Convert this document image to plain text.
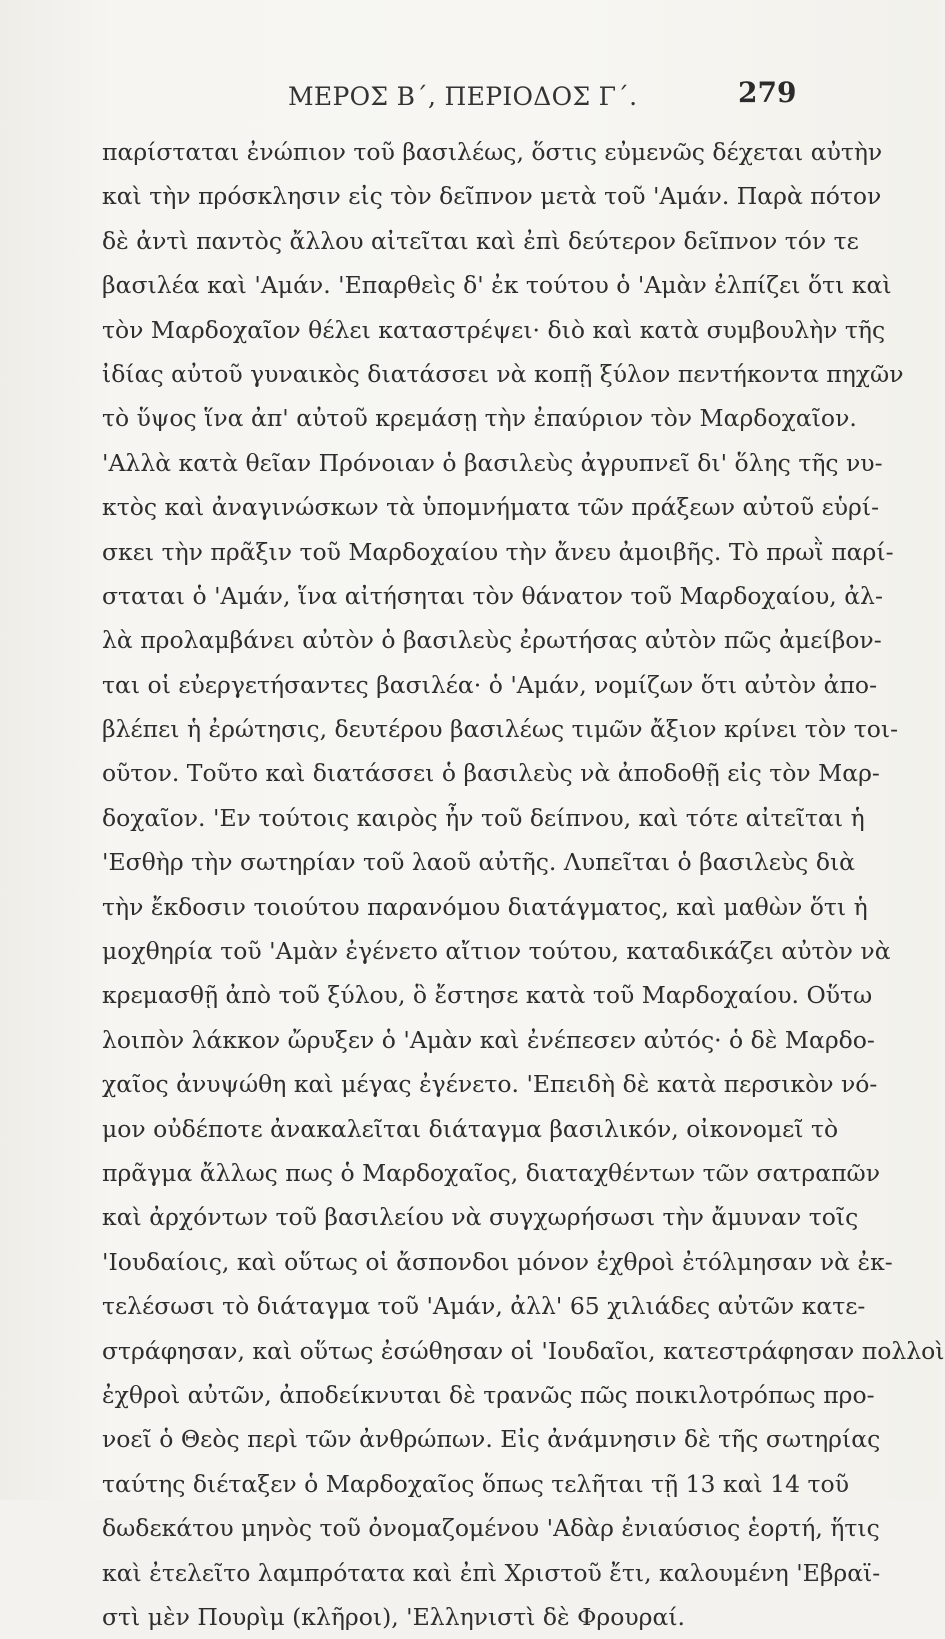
ΜΕΡΟΣ Β΄, ΠΕΡΙΟΔΟΣ Γ΄.	279
παρίσταται ἐνώπιον τοῦ βασιλέως, ὅστις εὐμενῶς δέχεται αὐτὴν
καὶ τὴν πρόσκλησιν εἰς τὸν δεῖπνον μετὰ τοῦ 'Αμάν. Παρὰ πότον
δὲ ἀντὶ παντὸς ἄλλου αἰτεῖται καὶ ἐπὶ δεύτερον δεῖπνον τόν τε
βασιλέα καὶ 'Αμάν. 'Επαρθεὶς δ' ἐκ τούτου ὁ 'Αμὰν ἐλπίζει ὅτι καὶ
τὸν Μαρδοχαῖον θέλει καταστρέψει· διὸ καὶ κατὰ συμβουλὴν τῆς
ἰδίας αὐτοῦ γυναικὸς διατάσσει νὰ κοπῇ ξύλον πεντήκοντα πηχῶν
τὸ ὕψος ἵνα ἀπ' αὐτοῦ κρεμάσῃ τὴν ἐπαύριον τὸν Μαρδοχαῖον.
'Αλλὰ κατὰ θεῖαν Πρόνοιαν ὁ βασιλεὺς ἀγρυπνεῖ δι' ὅλης τῆς νυ-
κτὸς καὶ ἀναγινώσκων τὰ ὑπομνήματα τῶν πράξεων αὐτοῦ εὑρί-
σκει τὴν πρᾶξιν τοῦ Μαρδοχαίου τὴν ἄνευ ἀμοιβῆς. Τὸ πρωῒ παρί-
σταται ὁ 'Αμάν, ἵνα αἰτήσηται τὸν θάνατον τοῦ Μαρδοχαίου, ἀλ-
λὰ προλαμβάνει αὐτὸν ὁ βασιλεὺς ἐρωτήσας αὐτὸν πῶς ἀμείβον-
ται οἱ εὐεργετήσαντες βασιλέα· ὁ 'Αμάν, νομίζων ὅτι αὐτὸν ἀπο-
βλέπει ἡ ἐρώτησις, δευτέρου βασιλέως τιμῶν ἄξιον κρίνει τὸν τοι-
οῦτον. Τοῦτο καὶ διατάσσει ὁ βασιλεὺς νὰ ἀποδοθῇ εἰς τὸν Μαρ-
δοχαῖον. 'Εν τούτοις καιρὸς ἦν τοῦ δείπνου, καὶ τότε αἰτεῖται ἡ
'Εσθὴρ τὴν σωτηρίαν τοῦ λαοῦ αὐτῆς. Λυπεῖται ὁ βασιλεὺς διὰ
τὴν ἔκδοσιν τοιούτου παρανόμου διατάγματος, καὶ μαθὼν ὅτι ἡ
μοχθηρία τοῦ 'Αμὰν ἐγένετο αἴτιον τούτου, καταδικάζει αὐτὸν νὰ
κρεμασθῇ ἀπὸ τοῦ ξύλου, ὃ ἔστησε κατὰ τοῦ Μαρδοχαίου. Οὕτω
λοιπὸν λάκκον ὤρυξεν ὁ 'Αμὰν καὶ ἐνέπεσεν αὐτός· ὁ δὲ Μαρδο-
χαῖος ἀνυψώθη καὶ μέγας ἐγένετο. 'Επειδὴ δὲ κατὰ περσικὸν νό-
μον οὐδέποτε ἀνακαλεῖται διάταγμα βασιλικόν, οἰκονομεῖ τὸ
πρᾶγμα ἄλλως πως ὁ Μαρδοχαῖος, διαταχθέντων τῶν σατραπῶν
καὶ ἀρχόντων τοῦ βασιλείου νὰ συγχωρήσωσι τὴν ἄμυναν τοῖς
'Ιουδαίοις, καὶ οὕτως οἱ ἄσπονδοι μόνον ἐχθροὶ ἐτόλμησαν νὰ ἐκ-
τελέσωσι τὸ διάταγμα τοῦ 'Αμάν, ἀλλ' 65 χιλιάδες αὐτῶν κατε-
στράφησαν, καὶ οὕτως ἐσώθησαν οἱ 'Ιουδαῖοι, κατεστράφησαν πολλοὶ
ἐχθροὶ αὐτῶν, ἀποδείκνυται δὲ τρανῶς πῶς ποικιλοτρόπως προ-
νοεῖ ὁ Θεὸς περὶ τῶν ἀνθρώπων. Εἰς ἀνάμνησιν δὲ τῆς σωτηρίας
ταύτης διέταξεν ὁ Μαρδοχαῖος ὅπως τελῆται τῇ 13 καὶ 14 τοῦ
δωδεκάτου μηνὸς τοῦ ὀνομαζομένου 'Αδὰρ ἐνιαύσιος ἑορτή, ἥτις
καὶ ἐτελεῖτο λαμπρότατα καὶ ἐπὶ Χριστοῦ ἔτι, καλουμένη 'Εβραϊ-
στὶ μὲν Πουρὶμ (κλῆροι), 'Ελληνιστὶ δὲ Φρουραί.
